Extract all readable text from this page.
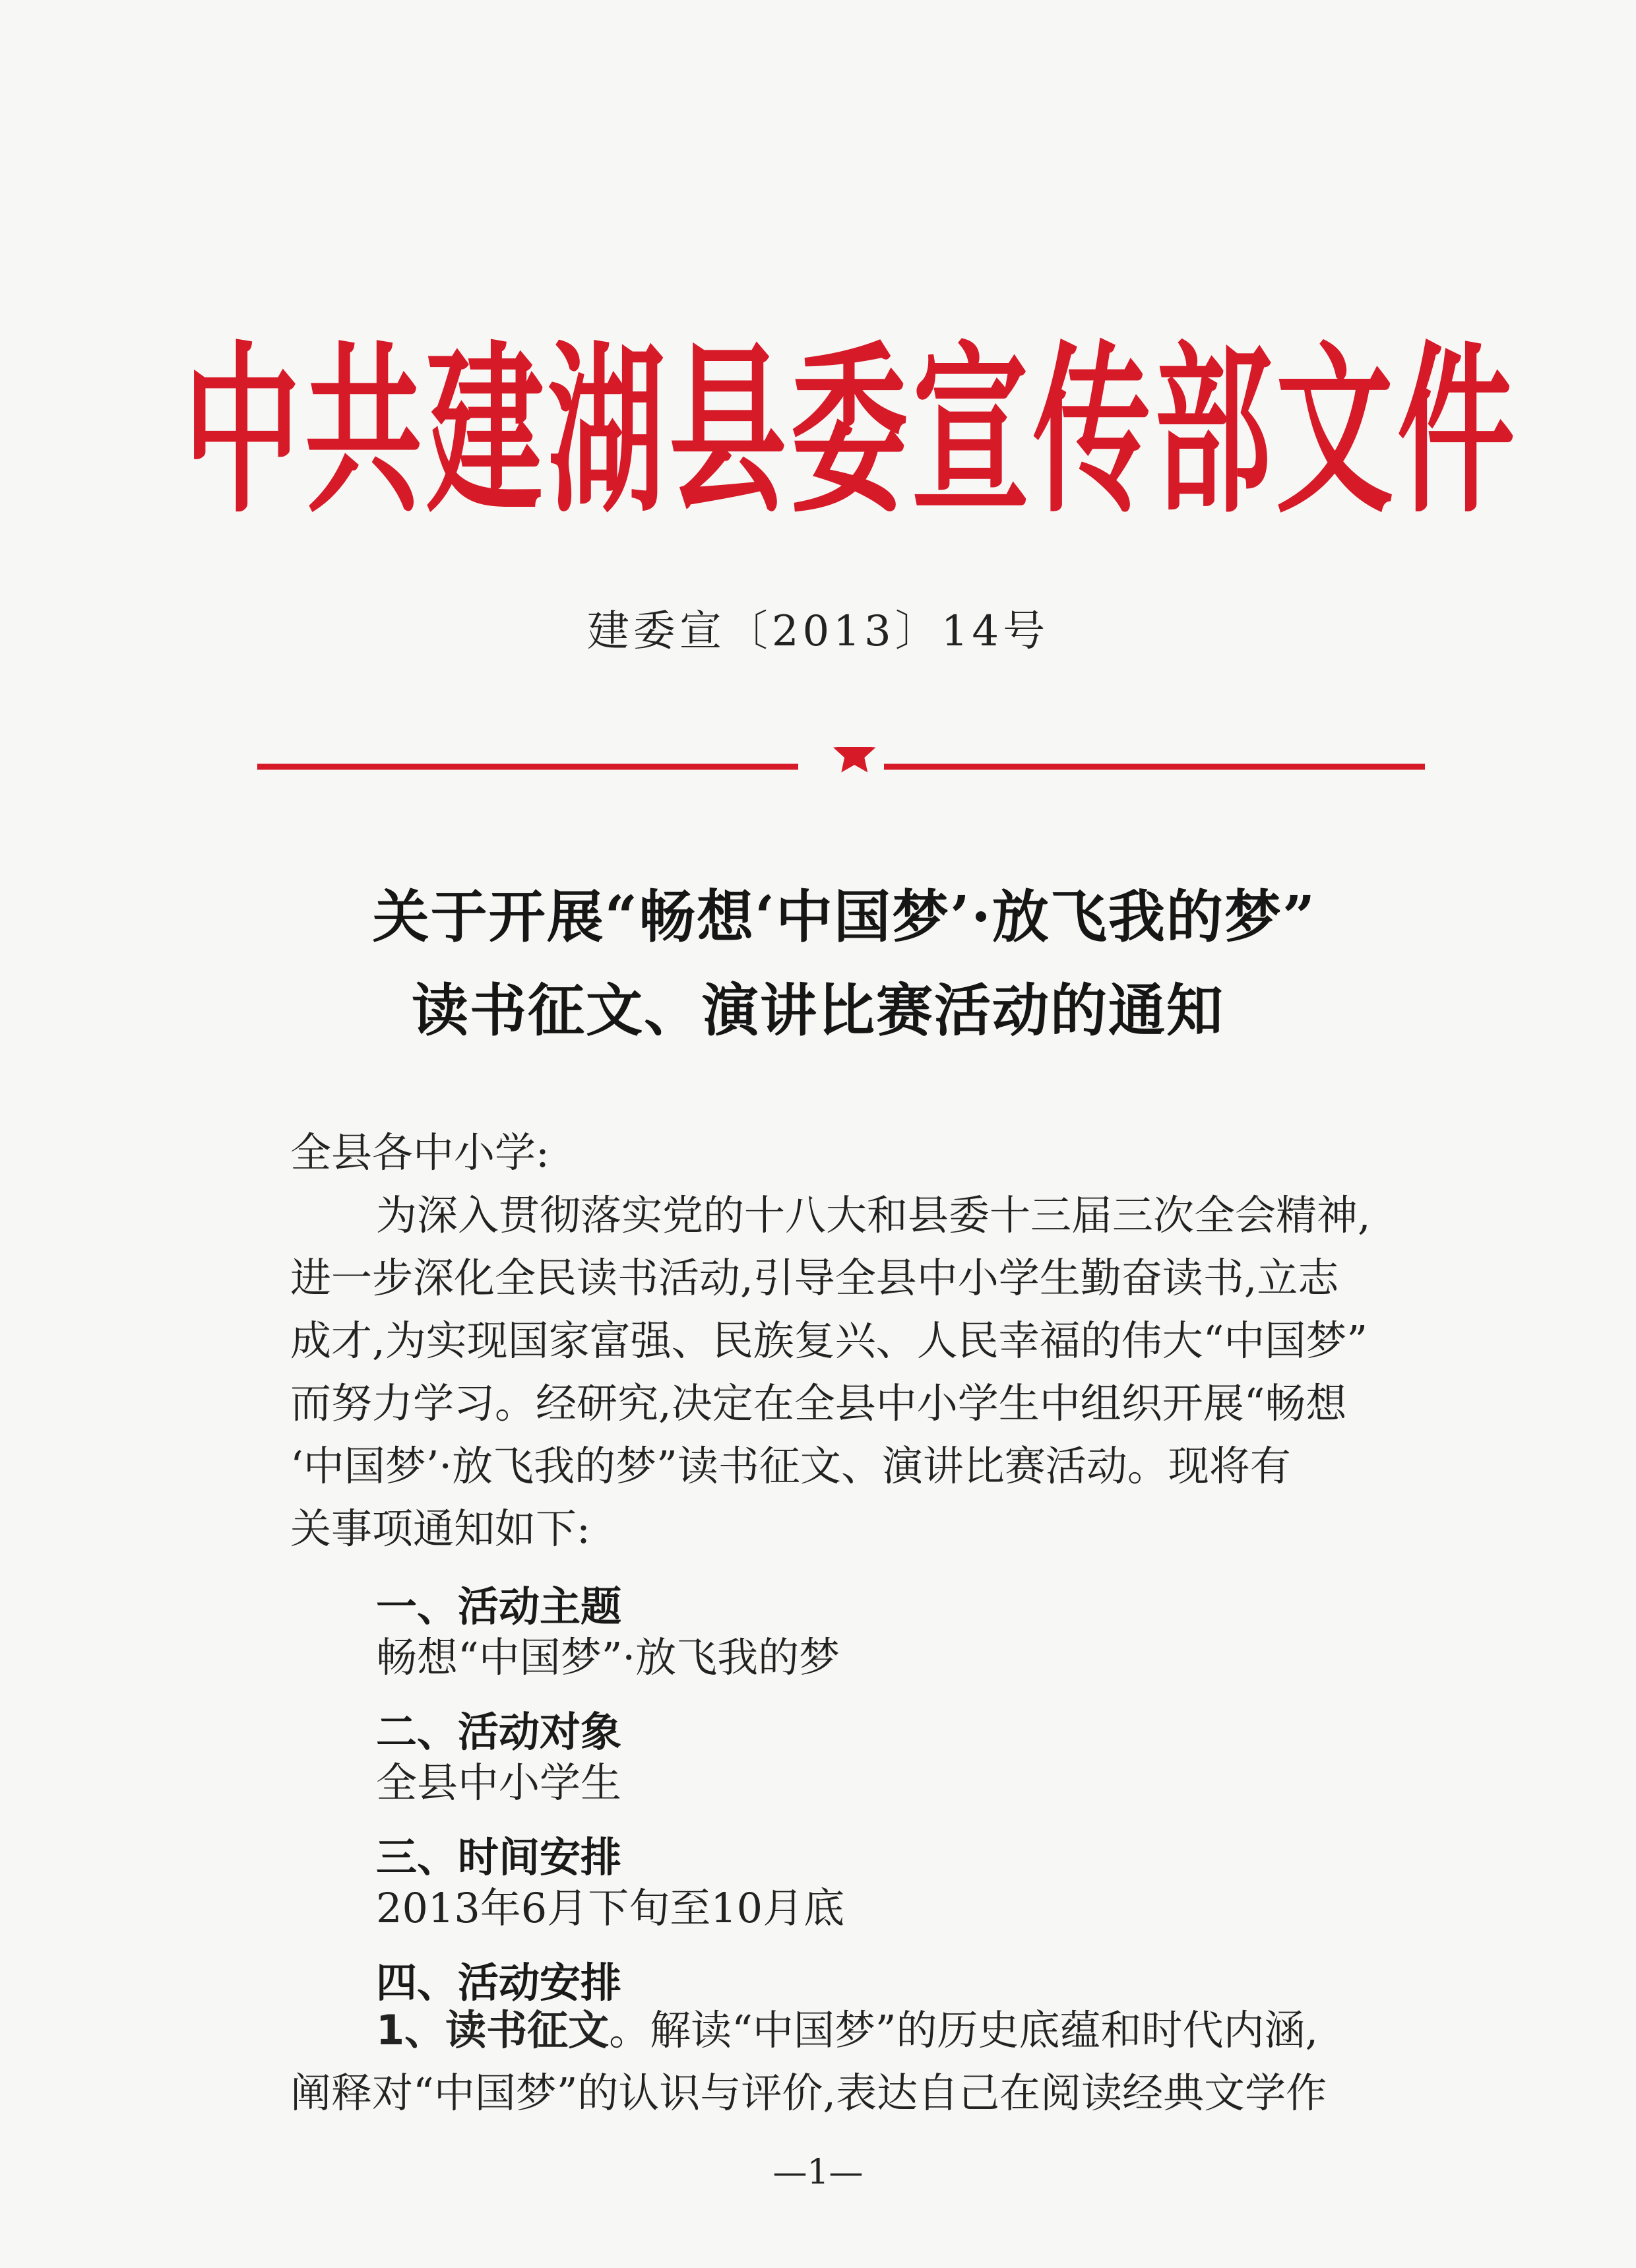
中共建湖县委宣传部文件
建委宣〔2013〕14号
关于开展“畅想‘中国梦’·放飞我的梦”
读书征文、演讲比赛活动的通知
全县各中小学:
为深入贯彻落实党的十八大和县委十三届三次全会精神,
进一步深化全民读书活动,引导全县中小学生勤奋读书,立志
成才,为实现国家富强、民族复兴、人民幸福的伟大“中国梦”
而努力学习。经研究,决定在全县中小学生中组织开展“畅想
‘中国梦’·放飞我的梦”读书征文、演讲比赛活动。现将有
关事项通知如下:
一、活动主题
畅想“中国梦”·放飞我的梦
二、活动对象
全县中小学生
三、时间安排
2013年6月下旬至10月底
四、活动安排
1、读书征文。解读“中国梦”的历史底蕴和时代内涵,
阐释对“中国梦”的认识与评价,表达自己在阅读经典文学作
—1—
